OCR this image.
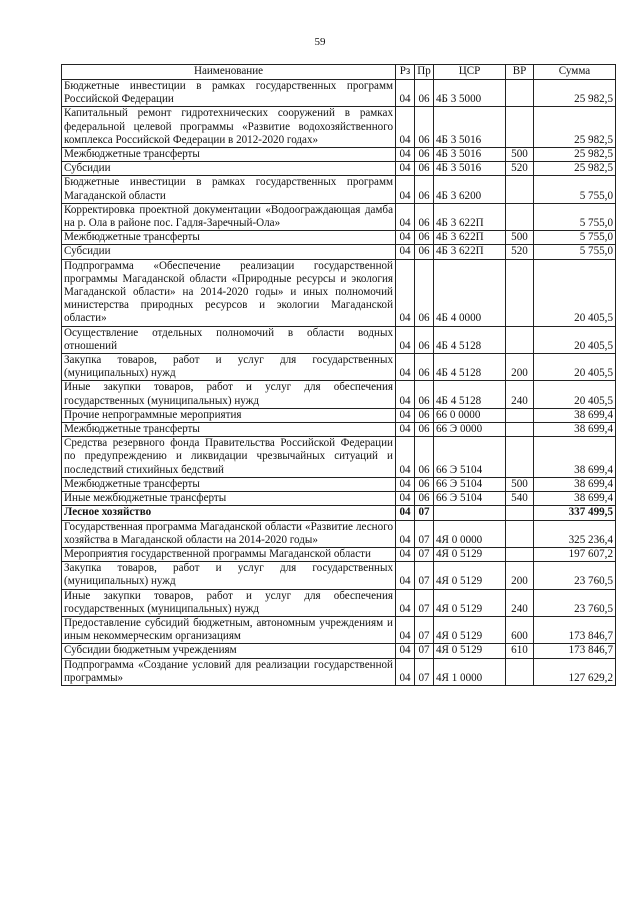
59
Наименование	Рз	Пр	ЦСР	ВР	Сумма
Бюджетные инвестиции в рамках государственных программ Российской Федерации	04	06	4Б 3 5000		25 982,5
Капитальный ремонт гидротехнических сооружений в рамках федеральной целевой программы «Развитие водохозяйственного комплекса Российской Федерации в 2012-2020 годах»	04	06	4Б 3 5016		25 982,5
Межбюджетные трансферты	04	06	4Б 3 5016	500	25 982,5
Субсидии	04	06	4Б 3 5016	520	25 982,5
Бюджетные инвестиции в рамках государственных программ Магаданской области	04	06	4Б 3 6200		5 755,0
Корректировка проектной документации «Водоограждающая дамба на р. Ола в районе пос. Гадля-Заречный-Ола»	04	06	4Б 3 622П		5 755,0
Межбюджетные трансферты	04	06	4Б 3 622П	500	5 755,0
Субсидии	04	06	4Б 3 622П	520	5 755,0
Подпрограмма «Обеспечение реализации государственной программы Магаданской области «Природные ресурсы и экология Магаданской области» на 2014-2020 годы» и иных полномочий министерства природных ресурсов и экологии Магаданской области»	04	06	4Б 4 0000		20 405,5
Осуществление отдельных полномочий в области водных отношений	04	06	4Б 4 5128		20 405,5
Закупка товаров, работ и услуг для государственных (муниципальных) нужд	04	06	4Б 4 5128	200	20 405,5
Иные закупки товаров, работ и услуг для обеспечения государственных (муниципальных) нужд	04	06	4Б 4 5128	240	20 405,5
Прочие непрограммные мероприятия	04	06	66 0 0000		38 699,4
Межбюджетные трансферты	04	06	66 Э 0000		38 699,4
Средства резервного фонда Правительства Российской Федерации по предупреждению и ликвидации чрезвычайных ситуаций и последствий стихийных бедствий	04	06	66 Э 5104		38 699,4
Межбюджетные трансферты	04	06	66 Э 5104	500	38 699,4
Иные межбюджетные трансферты	04	06	66 Э 5104	540	38 699,4
Лесное хозяйство	04	07			337 499,5
Государственная программа Магаданской области «Развитие лесного хозяйства в Магаданской области на 2014-2020 годы»	04	07	4Я 0 0000		325 236,4
Мероприятия государственной программы Магаданской области	04	07	4Я 0 5129		197 607,2
Закупка товаров, работ и услуг для государственных (муниципальных) нужд	04	07	4Я 0 5129	200	23 760,5
Иные закупки товаров, работ и услуг для обеспечения государственных (муниципальных) нужд	04	07	4Я 0 5129	240	23 760,5
Предоставление субсидий бюджетным, автономным учреждениям и иным некоммерческим организациям	04	07	4Я 0 5129	600	173 846,7
Субсидии бюджетным учреждениям	04	07	4Я 0 5129	610	173 846,7
Подпрограмма «Создание условий для реализации государственной программы»	04	07	4Я 1 0000		127 629,2
